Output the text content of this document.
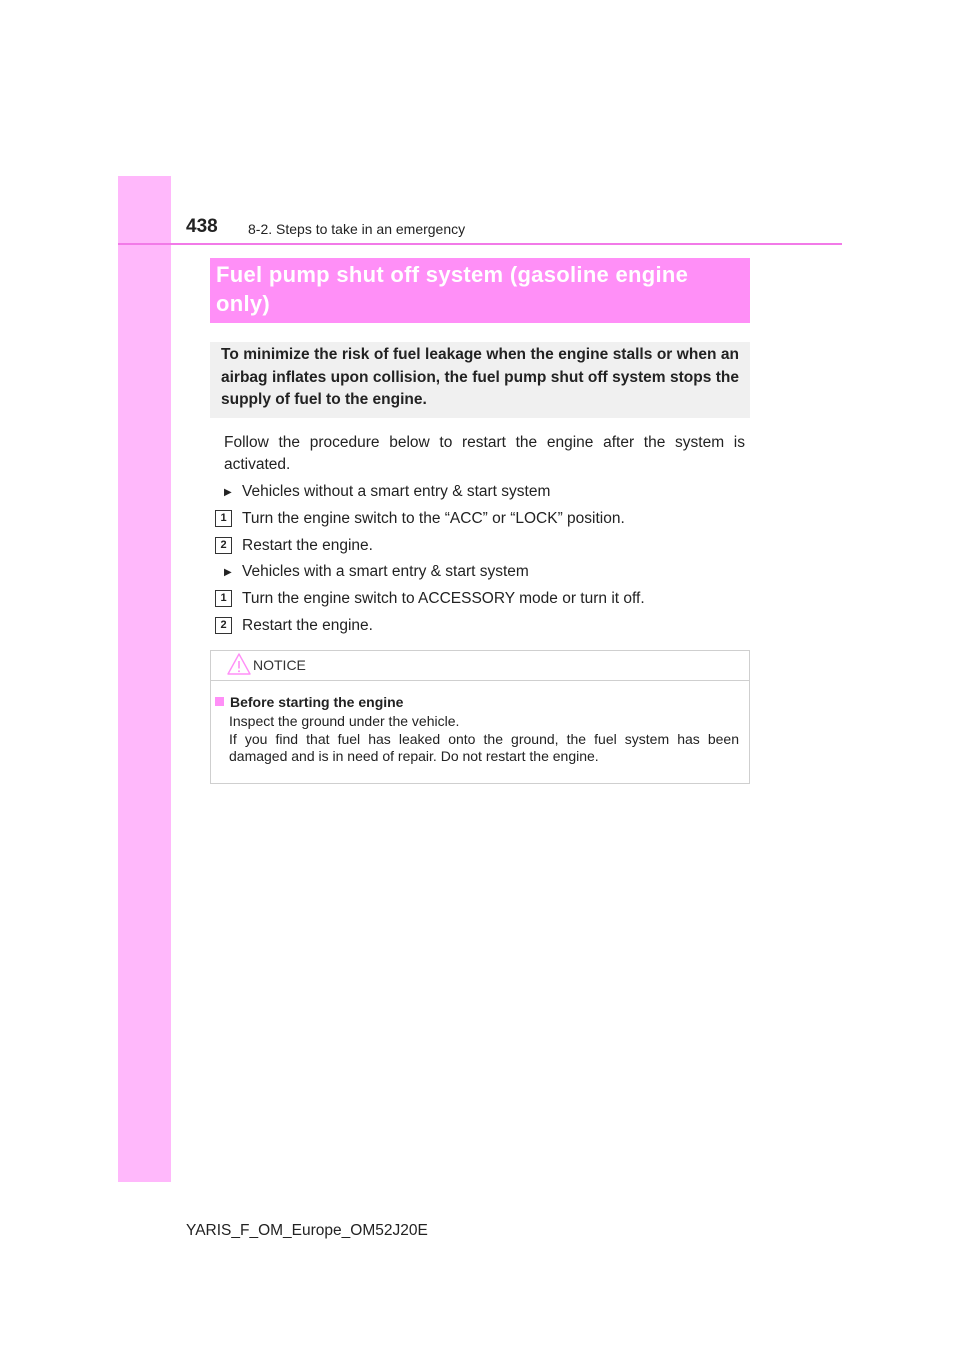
438 8-2. Steps to take in an emergency

Fuel pump shut off system (gasoline engine
only)

To minimize the risk of fuel leakage when the engine stalls or when an airbag inflates upon collision, the fuel pump shut off system stops the supply of fuel to the engine.

Follow the procedure below to restart the engine after the system is activated.

▶ Vehicles without a smart entry & start system
1 Turn the engine switch to the “ACC” or “LOCK” position.
2 Restart the engine.
▶ Vehicles with a smart entry & start system
1 Turn the engine switch to ACCESSORY mode or turn it off.
2 Restart the engine.
NOTICE
Before starting the engine

Inspect the ground under the vehicle.
If you find that fuel has leaked onto the ground, the fuel system has been damaged and is in need of repair. Do not restart the engine.

YARIS_F_OM_Europe_OM52J20E
